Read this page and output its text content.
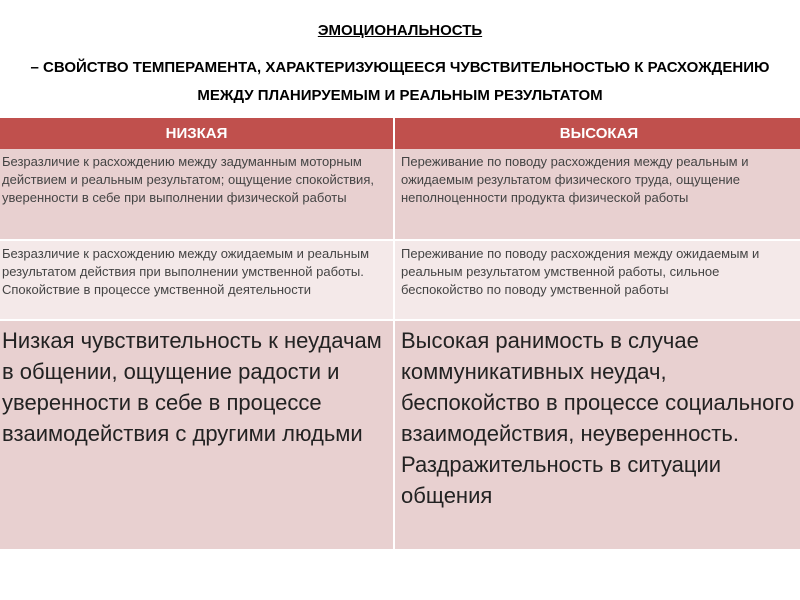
ЭМОЦИОНАЛЬНОСТЬ

– СВОЙСТВО ТЕМПЕРАМЕНТА, ХАРАКТЕРИЗУЮЩЕЕСЯ ЧУВСТВИТЕЛЬНОСТЬЮ К РАСХОЖДЕНИЮ МЕЖДУ ПЛАНИРУЕМЫМ И РЕАЛЬНЫМ РЕЗУЛЬТАТОМ

НИЗКАЯ	ВЫСОКАЯ
Безразличие к расхождению между задуманным моторным действием и реальным результатом; ощущение спокойствия, уверенности в себе при выполнении физической работы	Переживание по поводу расхождения между реальным и ожидаемым результатом физического труда, ощущение неполноценности продукта физической работы
Безразличие к расхождению между ожидаемым и реальным результатом действия при выполнении умственной работы. Спокойствие в процессе умственной деятельности	Переживание по поводу расхождения между ожидаемым и реальным результатом умственной работы, сильное беспокойство по поводу умственной работы
Низкая чувствительность к неудачам в общении, ощущение радости и уверенности в себе в процессе взаимодействия с другими людьми	Высокая ранимость в случае коммуникативных неудач, беспокойство в процессе социального взаимодействия, неуверенность. Раздражительность в ситуации общения
